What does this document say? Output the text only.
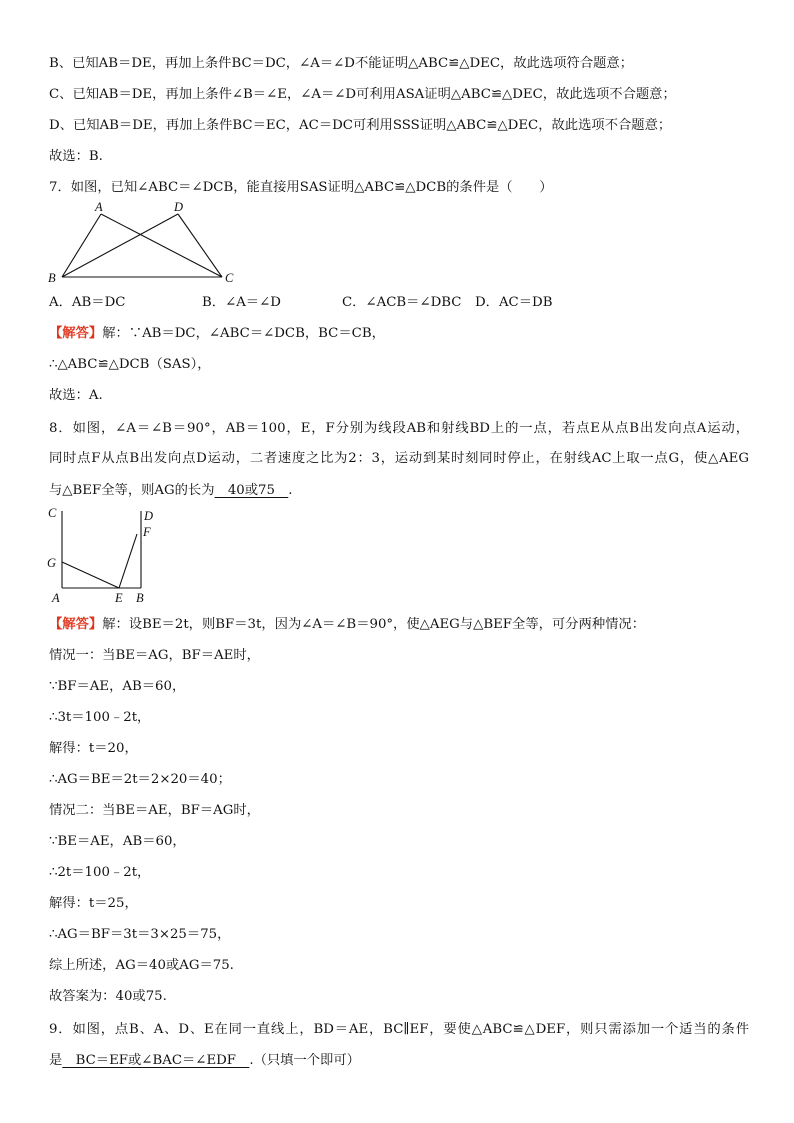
B、已知AB＝DE，再加上条件BC＝DC，∠A＝∠D不能证明△ABC≌△DEC，故此选项符合题意；
C、已知AB＝DE，再加上条件∠B＝∠E，∠A＝∠D可利用ASA证明△ABC≌△DEC，故此选项不合题意；
D、已知AB＝DE，再加上条件BC＝EC，AC＝DC可利用SSS证明△ABC≌△DEC，故此选项不合题意；
故选：B.
7．如图，已知∠ABC＝∠DCB，能直接用SAS证明△ABC≌△DCB的条件是（　　）
A	D
B	C
A．AB＝DC	B．∠A＝∠D	C．∠ACB＝∠DBC D．AC＝DB
【解答】解：∵AB＝DC，∠ABC＝∠DCB，BC＝CB，
∴△ABC≌△DCB（SAS），
故选：A.
8．如图，∠A＝∠B＝90°，AB＝100，E，F分别为线段AB和射线BD上的一点，若点E从点B出发向点A运动，
同时点F从点B出发向点D运动，二者速度之比为2：3，运动到某时刻同时停止，在射线AC上取一点G，使△AEG
与△BEF全等，则AG的长为　40或75　.
C	D
F
G
A	E B
【解答】解：设BE＝2t，则BF＝3t，因为∠A＝∠B＝90°，使△AEG与△BEF全等，可分两种情况：
情况一：当BE＝AG，BF＝AE时，
∵BF＝AE，AB＝60，
∴3t＝100﹣2t，
解得：t＝20，
∴AG＝BE＝2t＝2×20＝40；
情况二：当BE＝AE，BF＝AG时，
∵BE＝AE，AB＝60，
∴2t＝100﹣2t，
解得：t＝25，
∴AG＝BF＝3t＝3×25＝75，
综上所述，AG＝40或AG＝75.
故答案为：40或75.
9．如图，点B、A、D、E在同一直线上，BD＝AE，BC∥EF，要使△ABC≌△DEF，则只需添加一个适当的条件
是　BC＝EF或∠BAC＝∠EDF　.（只填一个即可）
